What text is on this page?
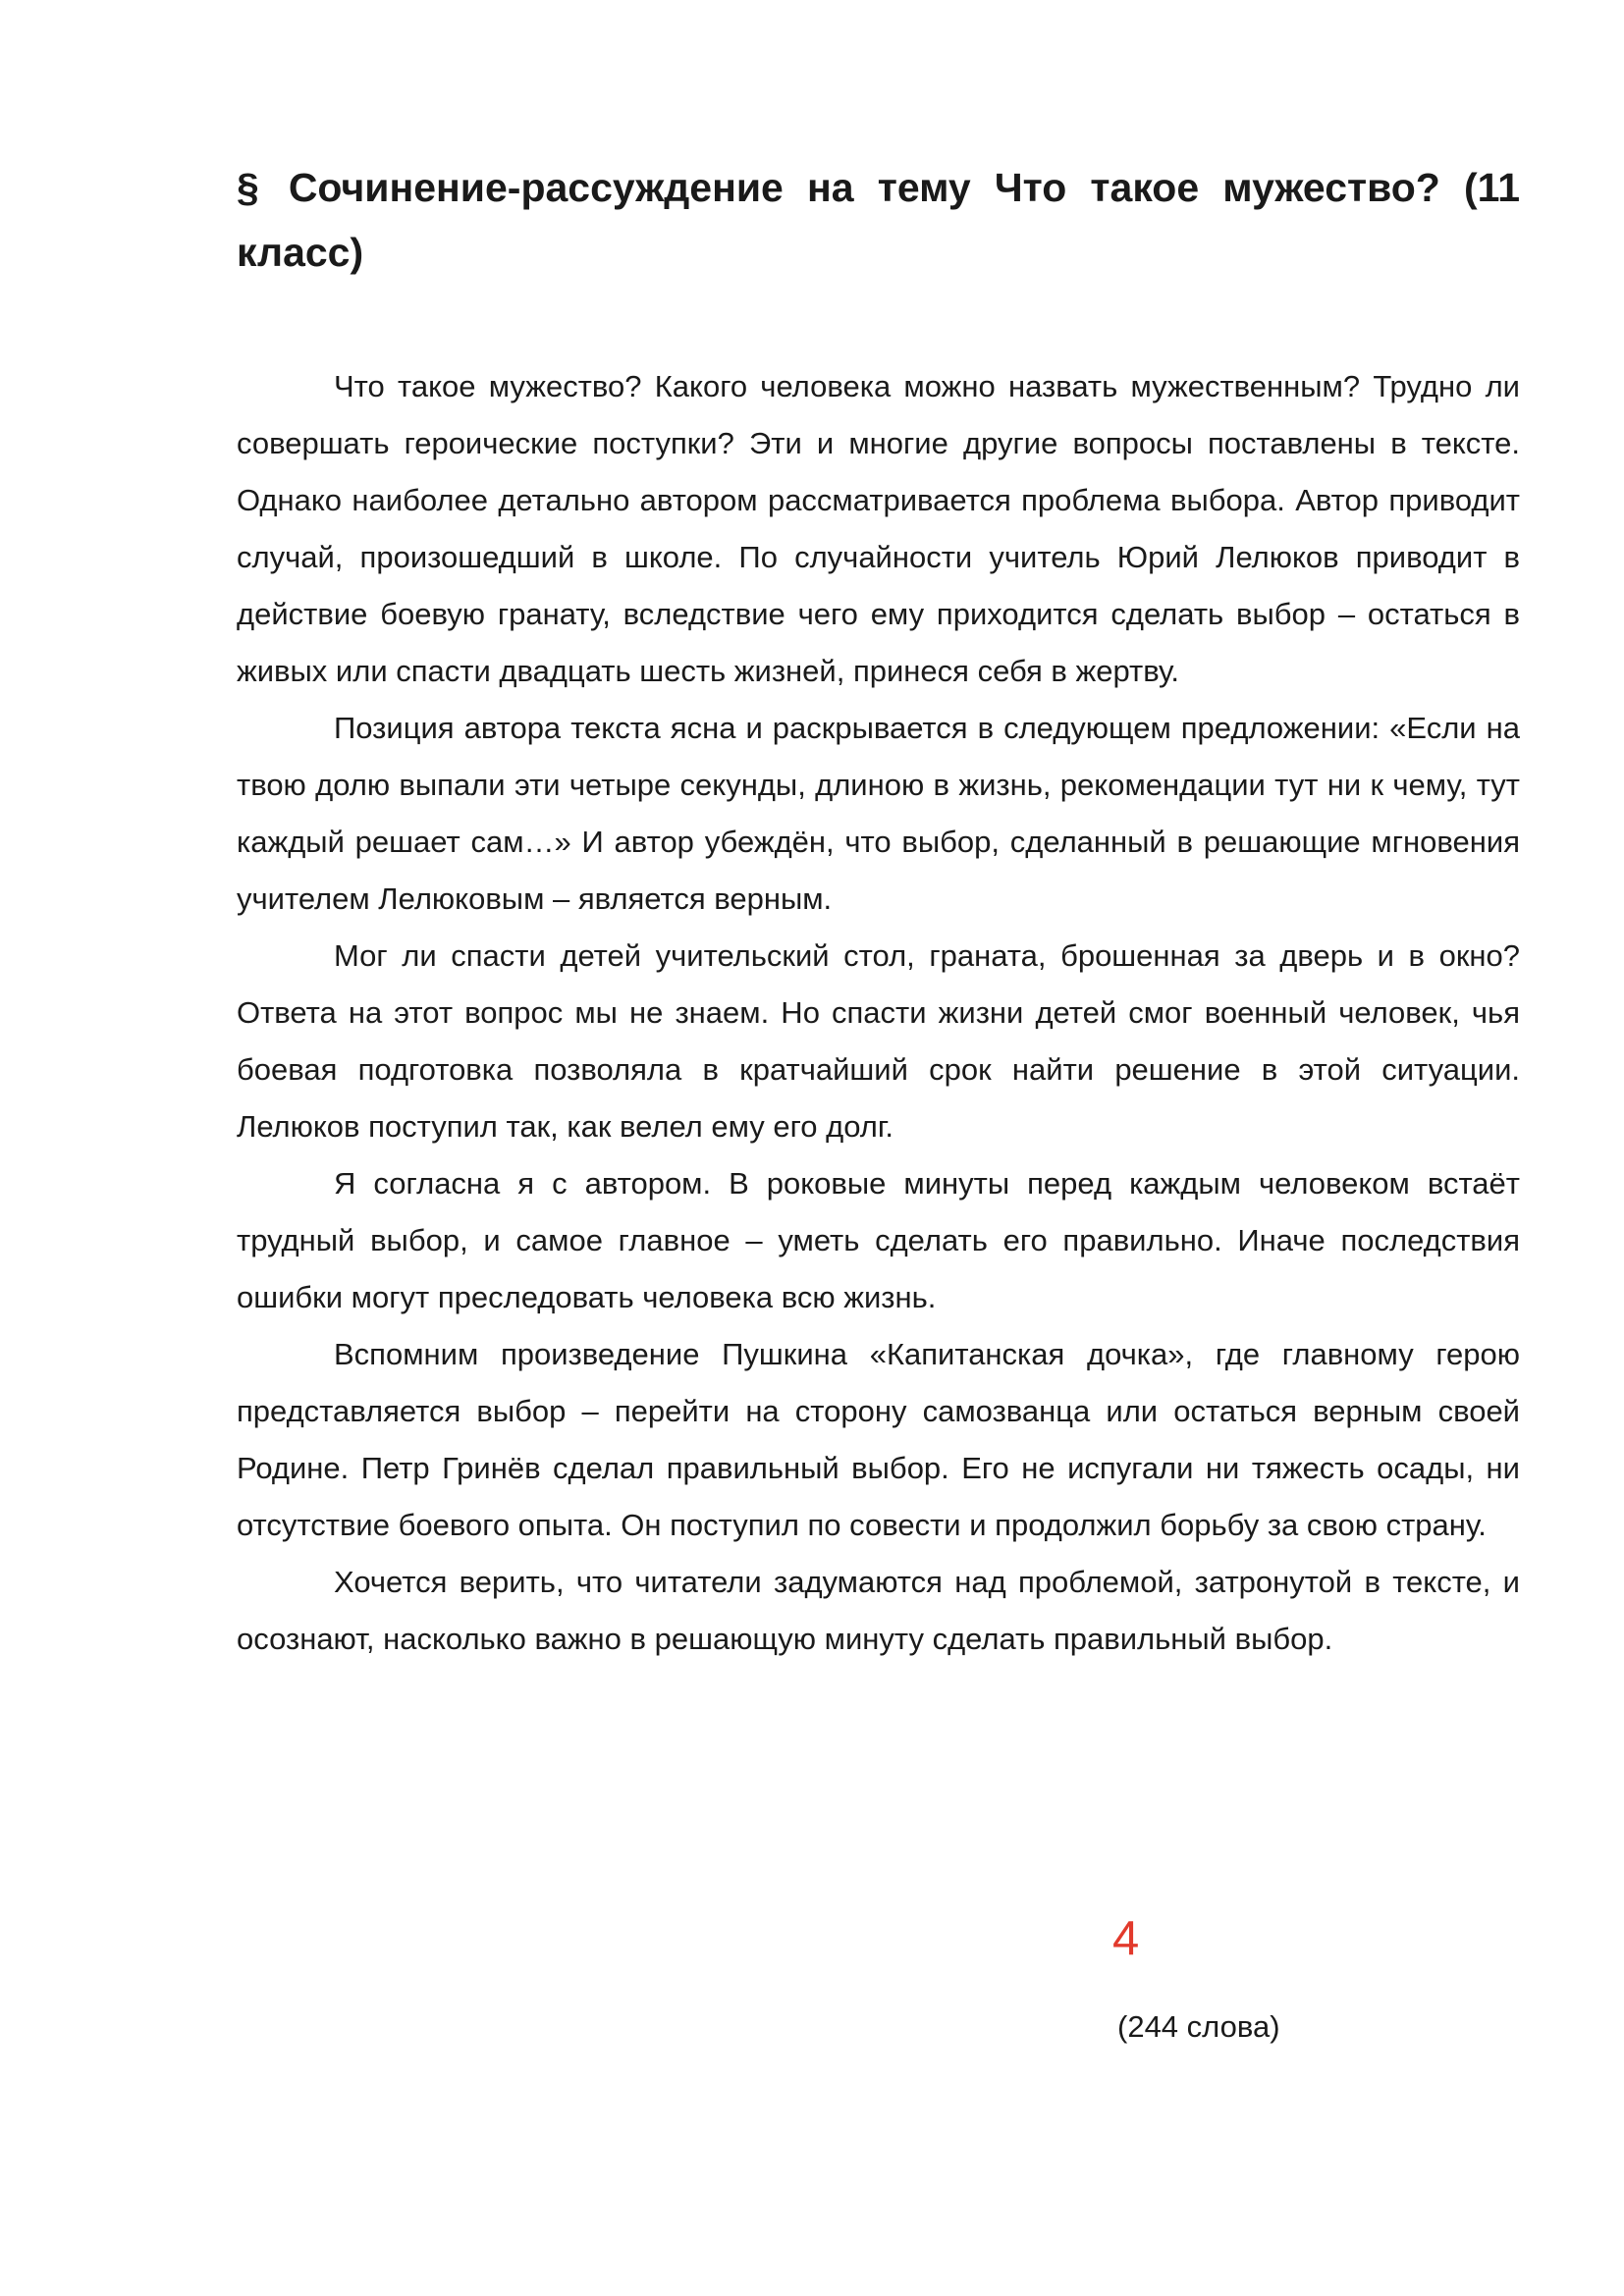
§ Сочинение-рассуждение на тему Что такое мужество? (11 класс)

Что такое мужество? Какого человека можно назвать мужественным? Трудно ли совершать героические поступки? Эти и многие другие вопросы поставлены в тексте. Однако наиболее детально автором рассматривается проблема выбора. Автор приводит случай, произошедший в школе. По случайности учитель Юрий Лелюков приводит в действие боевую гранату, вследствие чего ему приходится сделать выбор – остаться в живых или спасти двадцать шесть жизней, принеся себя в жертву.

Позиция автора текста ясна и раскрывается в следующем предложении: «Если на твою долю выпали эти четыре секунды, длиною в жизнь, рекомендации тут ни к чему, тут каждый решает сам…» И автор убеждён, что выбор, сделанный в решающие мгновения учителем Лелюковым – является верным.

Мог ли спасти детей учительский стол, граната, брошенная за дверь и в окно? Ответа на этот вопрос мы не знаем. Но спасти жизни детей смог военный человек, чья боевая подготовка позволяла в кратчайший срок найти решение в этой ситуации. Лелюков поступил так, как велел ему его долг.

Я согласна я с автором. В роковые минуты перед каждым человеком встаёт трудный выбор, и самое главное – уметь сделать его правильно. Иначе последствия ошибки могут преследовать человека всю жизнь.

Вспомним произведение Пушкина «Капитанская дочка», где главному герою представляется выбор – перейти на сторону самозванца или остаться верным своей Родине. Петр Гринёв сделал правильный выбор. Его не испугали ни тяжесть осады, ни отсутствие боевого опыта. Он поступил по совести и продолжил борьбу за свою страну.

Хочется верить, что читатели задумаются над проблемой, затронутой в тексте, и осознают, насколько важно в решающую минуту сделать правильный выбор.

4
(244 слова)
